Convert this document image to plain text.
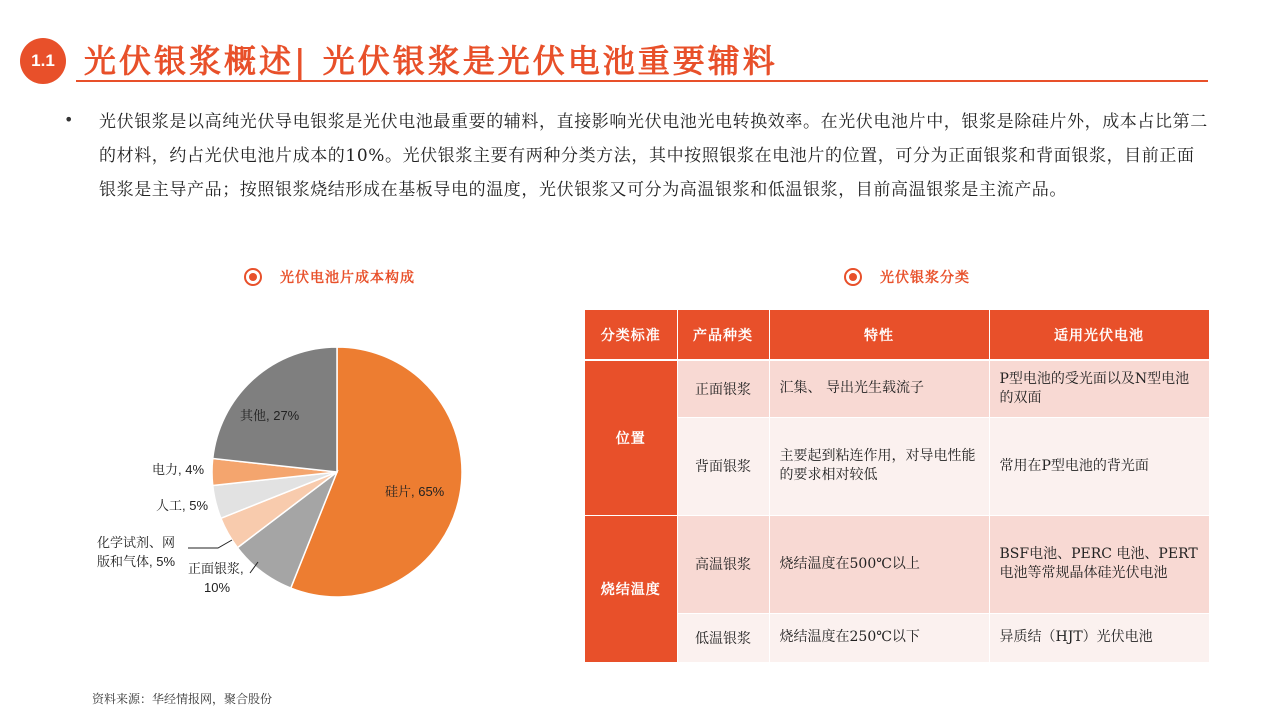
1.1 光伏银浆概述| 光伏银浆是光伏电池重要辅料
• 光伏银浆是以高纯光伏导电银浆是光伏电池最重要的辅料，直接影响光伏电池光电转换效率。在光伏电池片中，银浆是除硅片外，成本占比第二的材料，约占光伏电池片成本的10%。光伏银浆主要有两种分类方法，其中按照银浆在电池片的位置，可分为正面银浆和背面银浆，目前正面银浆是主导产品；按照银浆烧结形成在基板导电的温度，光伏银浆又可分为高温银浆和低温银浆，目前高温银浆是主流产品。

光伏电池片成本构成	光伏银浆分类
硅片, 65%
正面银浆, 10%
化学试剂、网版和气体, 5%
人工, 5%
电力, 4%
其他, 27%
分类标准	产品种类	特性	适用光伏电池
位置	正面银浆	汇集、 导出光生载流子	P型电池的受光面以及N型电池的双面
	背面银浆	主要起到粘连作用，对导电性能的要求相对较低	常用在P型电池的背光面
烧结温度	高温银浆	烧结温度在500℃以上	BSF电池、PERC 电池、PERT 电池等常规晶体硅光伏电池
	低温银浆	烧结温度在250℃以下	异质结（HJT）光伏电池
资料来源：华经情报网，聚合股份
